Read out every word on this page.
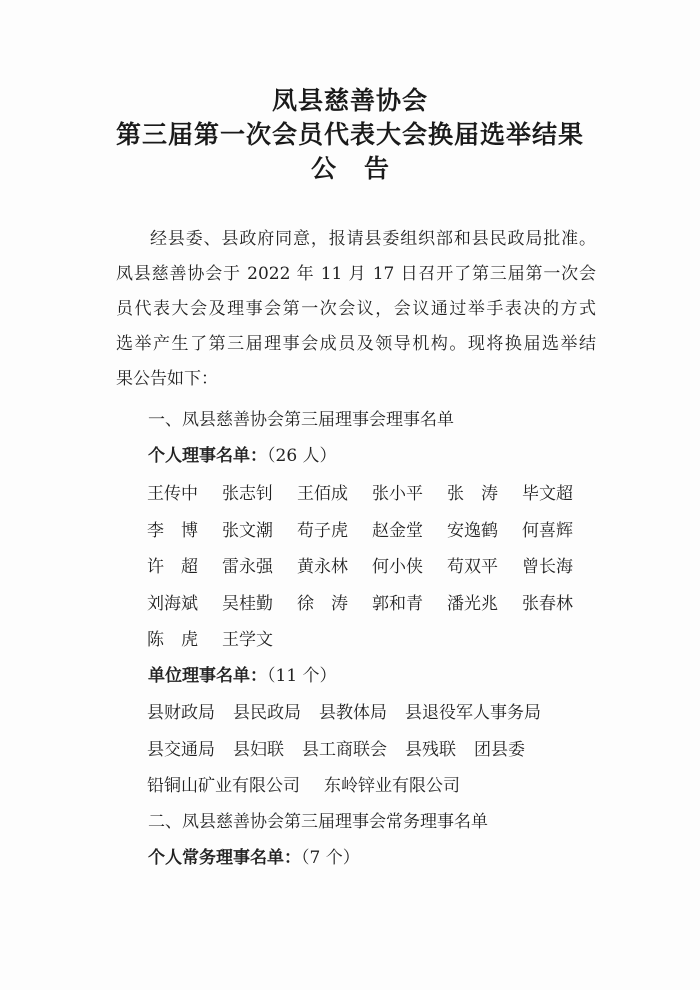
凤县慈善协会
第三届第一次会员代表大会换届选举结果
公 告
经县委、县政府同意，报请县委组织部和县民政局批准。
凤县慈善协会于 2022 年 11 月 17 日召开了第三届第一次会
员代表大会及理事会第一次会议，会议通过举手表决的方式
选举产生了第三届理事会成员及领导机构。现将换届选举结
果公告如下：
一、凤县慈善协会第三届理事会理事名单
个人理事名单：（26 人）
王传中	张志钊	王佰成	张小平	张　涛	毕文超
李　博	张文潮	苟子虎	赵金堂	安逸鹤	何喜辉
许　超	雷永强	黄永林	何小侠	苟双平	曾长海
刘海斌	吴桂勤	徐　涛	郭和青	潘光兆	张春林
陈　虎	王学文
单位理事名单：（11 个）
县财政局 县民政局 县教体局 县退役军人事务局
县交通局 县妇联 县工商联会 县残联 团县委
铅铜山矿业有限公司 东岭锌业有限公司
二、凤县慈善协会第三届理事会常务理事名单
个人常务理事名单：（7 个）
